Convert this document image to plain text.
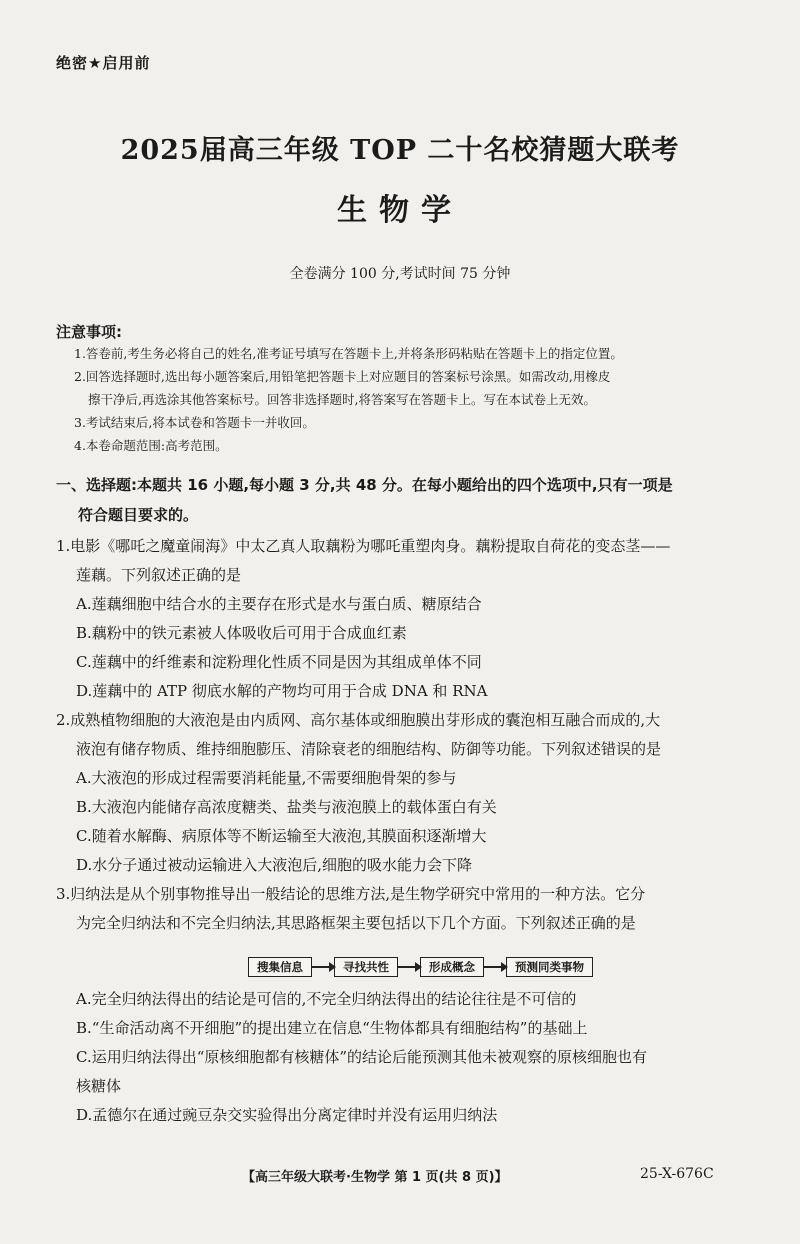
绝密★启用前
2025届高三年级 TOP 二十名校猜题大联考
生物学
全卷满分 100 分,考试时间 75 分钟
注意事项:
1.答卷前,考生务必将自己的姓名,准考证号填写在答题卡上,并将条形码粘贴在答题卡上的指定位置。
2.回答选择题时,选出每小题答案后,用铅笔把答题卡上对应题目的答案标号涂黑。如需改动,用橡皮
擦干净后,再选涂其他答案标号。回答非选择题时,将答案写在答题卡上。写在本试卷上无效。
3.考试结束后,将本试卷和答题卡一并收回。
4.本卷命题范围:高考范围。
一、选择题:本题共 16 小题,每小题 3 分,共 48 分。在每小题给出的四个选项中,只有一项是
符合题目要求的。
1.电影《哪吒之魔童闹海》中太乙真人取藕粉为哪吒重塑肉身。藕粉提取自荷花的变态茎——
莲藕。下列叙述正确的是
A.莲藕细胞中结合水的主要存在形式是水与蛋白质、糖原结合
B.藕粉中的铁元素被人体吸收后可用于合成血红素
C.莲藕中的纤维素和淀粉理化性质不同是因为其组成单体不同
D.莲藕中的 ATP 彻底水解的产物均可用于合成 DNA 和 RNA
2.成熟植物细胞的大液泡是由内质网、高尔基体或细胞膜出芽形成的囊泡相互融合而成的,大
液泡有储存物质、维持细胞膨压、清除衰老的细胞结构、防御等功能。下列叙述错误的是
A.大液泡的形成过程需要消耗能量,不需要细胞骨架的参与
B.大液泡内能储存高浓度糖类、盐类与液泡膜上的载体蛋白有关
C.随着水解酶、病原体等不断运输至大液泡,其膜面积逐渐增大
D.水分子通过被动运输进入大液泡后,细胞的吸水能力会下降
3.归纳法是从个别事物推导出一般结论的思维方法,是生物学研究中常用的一种方法。它分
为完全归纳法和不完全归纳法,其思路框架主要包括以下几个方面。下列叙述正确的是
搜集信息	寻找共性	形成概念	预测同类事物
A.完全归纳法得出的结论是可信的,不完全归纳法得出的结论往往是不可信的
B.“生命活动离不开细胞”的提出建立在信息“生物体都具有细胞结构”的基础上
C.运用归纳法得出“原核细胞都有核糖体”的结论后能预测其他未被观察的原核细胞也有
核糖体
D.孟德尔在通过豌豆杂交实验得出分离定律时并没有运用归纳法
【高三年级大联考·生物学 第 1 页(共 8 页)】	25-X-676C
